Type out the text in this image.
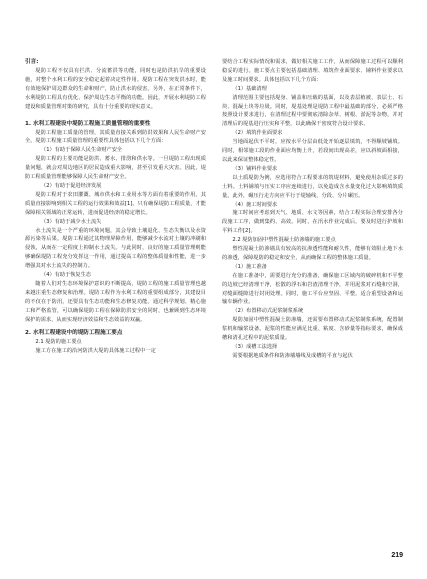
引言:

堤防工程不仅具有拦洪、分流蓄洪等功能，同时也是防洪抗旱的重要设施，对整个水利工程的安全稳定起着决定性作用。堤防工程在突发洪水时，能有效地保护周边群众的生命和财产，防止洪水的侵害。另外，在正常条件下，水利堤防工程具有优化、保护周边生态平衡的功能。因此，开展水利堤防工程建设和质量管理对策的研究，具有十分重要的现实意义。

1. 水利工程建设中堤防工程施工质量管理的重要性

堤防工程施工质量的管理，其质量直接关系到防洪效果和人民生命财产安全。堤防工程施工质量管理的重要性具体包括以下几个方面：

（1）有助于保障人民生命财产安全

堤防工程的主要功能是防洪、蓄水、排涝和供水等。一旦堤防工程出现质量问题，就会对周边地区的居民造成重大影响，甚至引发重大灾害。因此，堤防工程质量管理能够保障人民生命财产安全。

（2）有助于促进经济发展

堤防工程对于农田灌溉、城市供水和工业用水等方面有着重要的作用，其质量直接影响到相关工程的运行效果和效益[1]。只有确保堤防工程质量，才能保障相关领域的正常运转，进而促进经济的稳定增长。

（3）有助于减少水土流失

水土流失是一个严重的环境问题，其会导致土壤退化、生态失衡以及水资源污染等后果。堤防工程通过其物理屏障作用，能够减少水流对土壤的冲刷和侵蚀，从而在一定程度上抑制水土流失。与此同时，良好的施工质量管理则能够确保堤防工程充分发挥这一作用，通过提高工程的整体质量和性能，进一步增强其对水土流失的控制力。

（4）有助于恢复生态

随着人们对生态环境保护意识的不断提高，堤防工程的施工质量管理也越来越注重生态修复和治理。堤防工程作为水利工程的重要组成部分，其建设目的不仅在于防汛，还要具有生态功能和生态修复功能。通过科学规划、精心施工和严格监管，可以确保堤防工程在保障防洪安全的同时，也兼顾到生态环境保护的需求，从而实现经济效益和生态效益的双赢。

2. 水利工程建设中的堤防工程施工要点

2.1 堤防的施工要点

施工方在施工的沿河防洪大堤的具体施工过程中一定

要结合工程实际情况和需求，做好相关施工工作，从而保障施工过程可以顺利稳妥的进行。施工要点主要包括基础清理、填筑作业面要求、铺料作业要求以及施工时间要求。具体包括以下几个方面：

（1）基础清理

清理范围主要包括堤身、铺盖和压载的基面，以及表层植被、表层土、石块、混凝土块等垃圾。同时，堤基处理是堤防工程中最基础的部分，必须严格按照设计要求进行，在清理过程中要彻底清除杂草、树根、淤泥等杂物，并对清理后的堤基进行压实和平整，以此确保干密度符合设计要求。

（2）填筑作业面要求

当地面起伏不平时，应按水平分层由低处开始逐层填筑，不得顺坡铺填。同时，相邻施工段的作业面应均衡上升，若段间出现高差，应以斜坡面相接，以此来保证整体稳定性。

（3）铺料作业要求

以土质堤防为例，应选用符合工程要求的筑堤材料，避免使用杂质过多的土料。土料铺填与压实工序应连续进行，以免造成含水量变化过大影响填筑质量。此外，碾压行走方向应平行于堤轴线，分段、分片碾压。

（4）施工时间要求

施工时间应考虑到天气、地质、水文等因素，结合工程实际合理安排各分段施工工序，做到集约、高效。同时，在汛水作业完成后，要及时进行护坡和平料工作[2]。

2.2 堤防加固中塑性混凝土防渗墙的施工要点

塑性混凝土防渗墙具有较高的抗渗透性能和耐久性，能够有效阻止地下水的渗透，保障堤防的稳定和安全，从而确保工程的整体施工质量。

（1）施工准备

在施工准备中，需要进行充分的准备，确保施工区域内的破碎机和不平整的边坡已经清理干净，松散的浮石和岩渣清理干净，并用泥浆对石缝和空洞，对缝面缝隙进行封闭处理。同时，施工平台应坚固、平整，适合重型设备和运输车辆作业。

（2）布置移动式泥浆制浆系统

堤防加固中塑性混凝土防渗墙，还需要布置移动式泥浆制浆系统，配置制浆机和输浆设备。泥浆的性能应满足比重、粘度、含砂量等指标要求，确保成槽和清孔过程中的泥浆质量。

（3）成槽工法选择

需要根据地质条件和防渗墙墙线及成槽的平直与起伏

219
